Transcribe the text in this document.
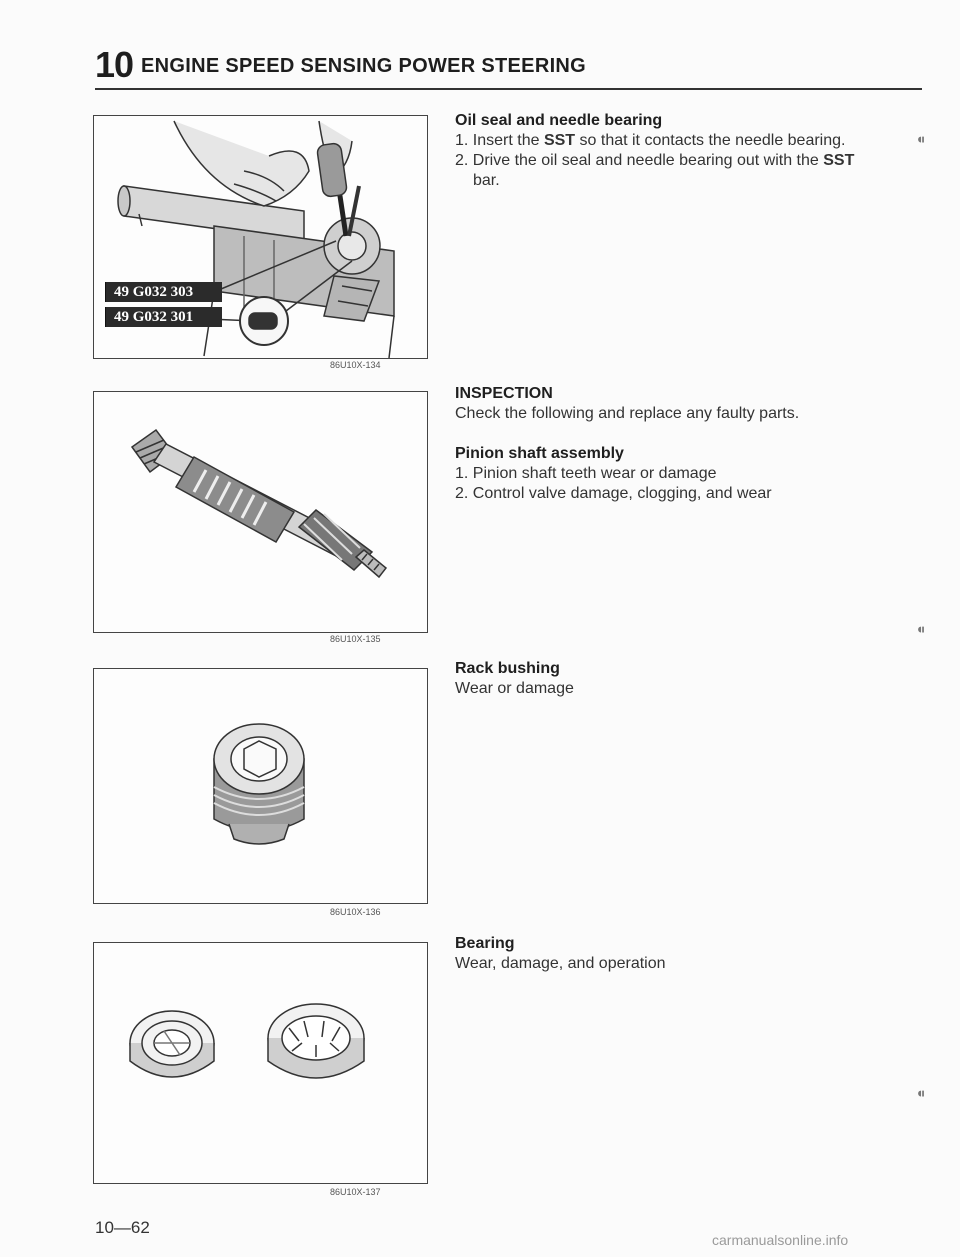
10 ENGINE SPEED SENSING POWER STEERING
49 G032 303
49 G032 301
86U10X-134
86U10X-135
86U10X-136
86U10X-137

Oil seal and needle bearing

1. Insert the SST so that it contacts the needle bearing.

2. Drive the oil seal and needle bearing out with the SST bar.

INSPECTION

Check the following and replace any faulty parts.

Pinion shaft assembly

1. Pinion shaft teeth wear or damage

2. Control valve damage, clogging, and wear

Rack bushing

Wear or damage

Bearing

Wear, damage, and operation

⁌
⁌
⁌
10—62
carmanualsonline.info
